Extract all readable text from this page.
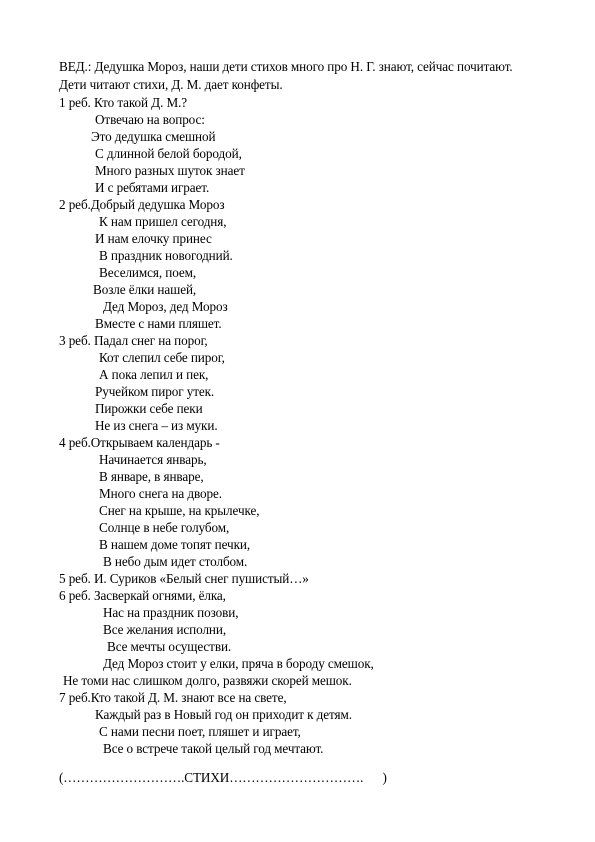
ВЕД.: Дедушка Мороз, наши дети стихов много про Н. Г. знают, сейчас почитают.
Дети читают стихи, Д. М. дает конфеты.
1 реб. Кто такой Д. М.?
Отвечаю на вопрос:
Это дедушка смешной
С длинной белой бородой,
Много разных шуток знает
И с ребятами играет.
2 реб.Добрый дедушка Мороз
К нам пришел сегодня,
И нам елочку принес
В праздник новогодний.
Веселимся, поем,
Возле ёлки нашей,
Дед Мороз, дед Мороз
Вместе с нами пляшет.
3 реб. Падал снег на порог,
Кот слепил себе пирог,
А пока лепил и пек,
Ручейком пирог утек.
Пирожки себе пеки
Не из снега – из муки.
4 реб.Открываем календарь -
Начинается январь,
В январе, в январе,
Много снега на дворе.
Снег на крыше, на крылечке,
Солнце в небе голубом,
В нашем доме топят печки,
В небо дым идет столбом.
5 реб. И. Суриков «Белый снег пушистый…»
6 реб. Засверкай огнями, ёлка,
Нас на праздник позови,
Все желания исполни,
Все мечты осуществи.
Дед Мороз стоит у елки, пряча в бороду смешок,
Не томи нас слишком долго, развяжи скорей мешок.
7 реб.Кто такой Д. М. знают все на свете,
Каждый раз в Новый год он приходит к детям.
С нами песни поет, пляшет и играет,
Все о встрече такой целый год мечтают.
(……………………….СТИХИ………………………….      )
